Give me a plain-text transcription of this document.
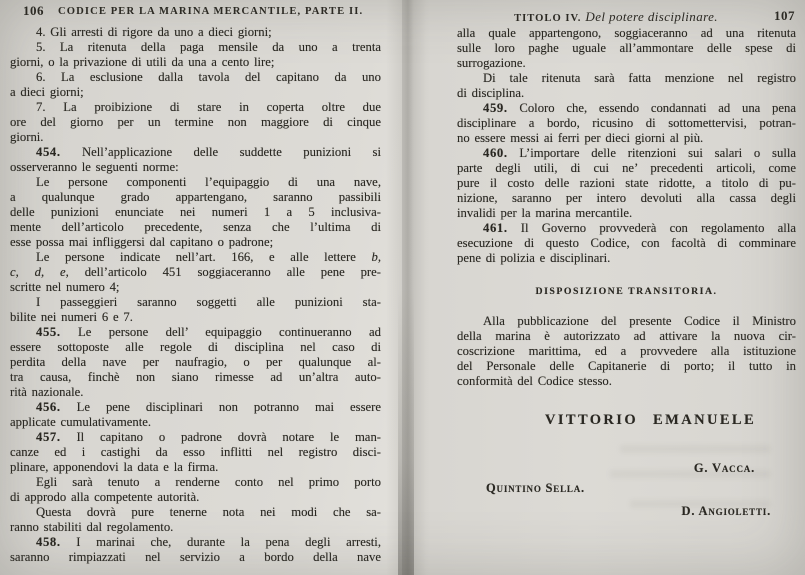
106 CODICE PER LA MARINA MERCANTILE, PARTE II.
TITOLO IV. Del potere disciplinare.	107
4. Gli arresti di rigore da uno a dieci giorni;
5. La ritenuta della paga mensile da uno a trenta
giorni, o la privazione di utili da una a cento lire;
6. La esclusione dalla tavola del capitano da uno
a dieci giorni;
7. La proibizione di stare in coperta oltre due
ore del giorno per un termine non maggiore di cinque
giorni.
454. Nell’applicazione delle suddette punizioni si
osserveranno le seguenti norme:
Le persone componenti l’equipaggio di una nave,
a qualunque grado appartengano, saranno passibili
delle punizioni enunciate nei numeri 1 a 5 inclusiva-
mente dell’articolo precedente, senza che l’ultima di
esse possa mai infliggersi dal capitano o padrone;
Le persone indicate nell’art. 166, e alle lettere b,
c, d, e, dell’articolo 451 soggiaceranno alle pene pre-
scritte nel numero 4;
I passeggieri saranno soggetti alle punizioni sta-
bilite nei numeri 6 e 7.
455. Le persone dell’ equipaggio continueranno ad
essere sottoposte alle regole di disciplina nel caso di
perdita della nave per naufragio, o per qualunque al-
tra causa, finchè non siano rimesse ad un’altra auto-
rità nazionale.
456. Le pene disciplinari non potranno mai essere
applicate cumulativamente.
457. Il capitano o padrone dovrà notare le man-
canze ed i castighi da esso inflitti nel registro disci-
plinare, apponendovi la data e la firma.
Egli sarà tenuto a renderne conto nel primo porto
di approdo alla competente autorità.
Questa dovrà pure tenerne nota nei modi che sa-
ranno stabiliti dal regolamento.
458. I marinai che, durante la pena degli arresti,
saranno rimpiazzati nel servizio a bordo della nave
alla quale appartengono, soggiaceranno ad una ritenuta
sulle loro paghe uguale all’ammontare delle spese di
surrogazione.
Di tale ritenuta sarà fatta menzione nel registro
di disciplina.
459. Coloro che, essendo condannati ad una pena
disciplinare a bordo, ricusino di sottomettervisi, potran-
no essere messi ai ferri per dieci giorni al più.
460. L’importare delle ritenzioni sui salari o sulla
parte degli utili, di cui ne’ precedenti articoli, come
pure il costo delle razioni state ridotte, a titolo di pu-
nizione, saranno per intero devoluti alla cassa degli
invalidi per la marina mercantile.
461. Il Governo provvederà con regolamento alla
esecuzione di questo Codice, con facoltà di comminare
pene di polizia e disciplinari.
DISPOSIZIONE TRANSITORIA.
Alla pubblicazione del presente Codice il Ministro
della marina è autorizzato ad attivare la nuova cir-
coscrizione marittima, ed a provvedere alla istituzione
del Personale delle Capitanerie di porto; il tutto in
conformità del Codice stesso.
VITTORIO EMANUELE
G. Vacca.
Quintino Sella.
D. Angioletti.
